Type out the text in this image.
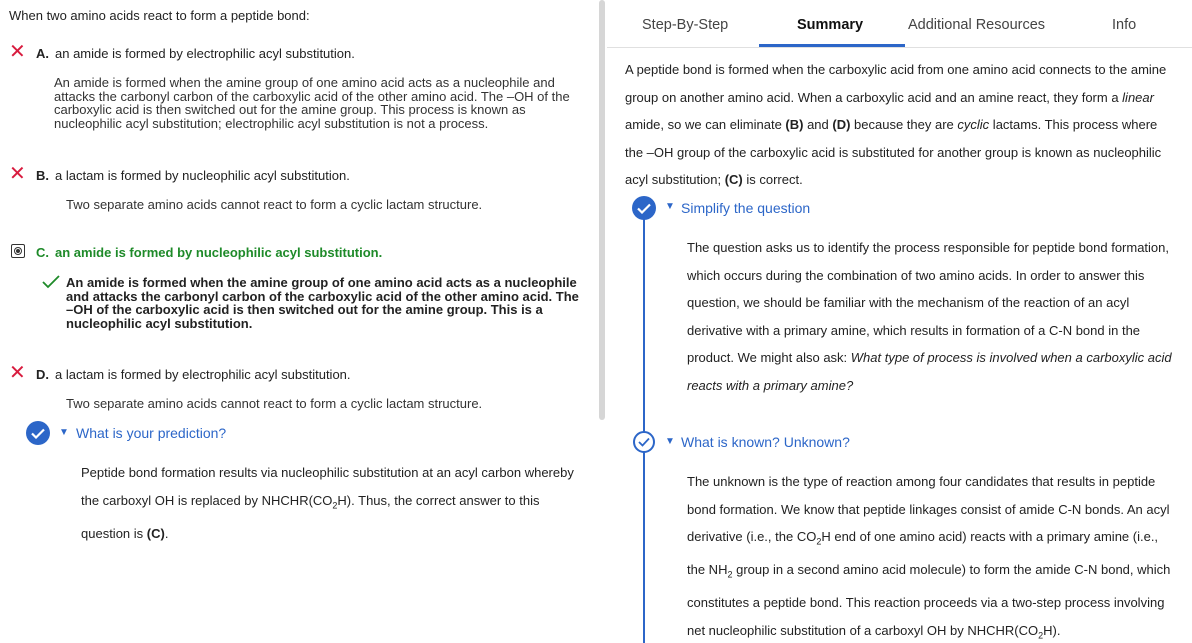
When two amino acids react to form a peptide bond:
✕ A. an amide is formed by electrophilic acyl substitution.
An amide is formed when the amine group of one amino acid acts as a nucleophile and
attacks the carbonyl carbon of the carboxylic acid of the other amino acid. The –OH of the
carboxylic acid is then switched out for the amine group. This process is known as
nucleophilic acyl substitution; electrophilic acyl substitution is not a process.
✕ B. a lactam is formed by nucleophilic acyl substitution.
Two separate amino acids cannot react to form a cyclic lactam structure.
C. an amide is formed by nucleophilic acyl substitution.
An amide is formed when the amine group of one amino acid acts as a nucleophile
and attacks the carbonyl carbon of the carboxylic acid of the other amino acid. The
–OH of the carboxylic acid is then switched out for the amine group. This is a
nucleophilic acyl substitution.
✕ D. a lactam is formed by electrophilic acyl substitution.
Two separate amino acids cannot react to form a cyclic lactam structure.
▼ What is your prediction?
Peptide bond formation results via nucleophilic substitution at an acyl carbon whereby
the carboxyl OH is replaced by $NHCHR(CO_2H)$. Thus, the correct answer to this
question is (C).
Step-By-Step	Summary	Additional Resources	Info
A peptide bond is formed when the carboxylic acid from one amino acid connects to the amine
group on another amino acid. When a carboxylic acid and an amine react, they form a linear
amide, so we can eliminate (B) and (D) because they are cyclic lactams. This process where
the –OH group of the carboxylic acid is substituted for another group is known as nucleophilic
acyl substitution; (C) is correct.
▼ Simplify the question
The question asks us to identify the process responsible for peptide bond formation,
which occurs during the combination of two amino acids. In order to answer this
question, we should be familiar with the mechanism of the reaction of an acyl
derivative with a primary amine, which results in formation of a C-N bond in the
product. We might also ask: What type of process is involved when a carboxylic acid
reacts with a primary amine?
▼ What is known? Unknown?
The unknown is the type of reaction among four candidates that results in peptide
bond formation. We know that peptide linkages consist of amide C-N bonds. An acyl
derivative (i.e., the $CO_2H$ end of one amino acid) reacts with a primary amine (i.e.,
the $NH_2$ group in a second amino acid molecule) to form the amide C-N bond, which
constitutes a peptide bond. This reaction proceeds via a two-step process involving
net nucleophilic substitution of a carboxyl OH by $NHCHR(CO_2H)$.
